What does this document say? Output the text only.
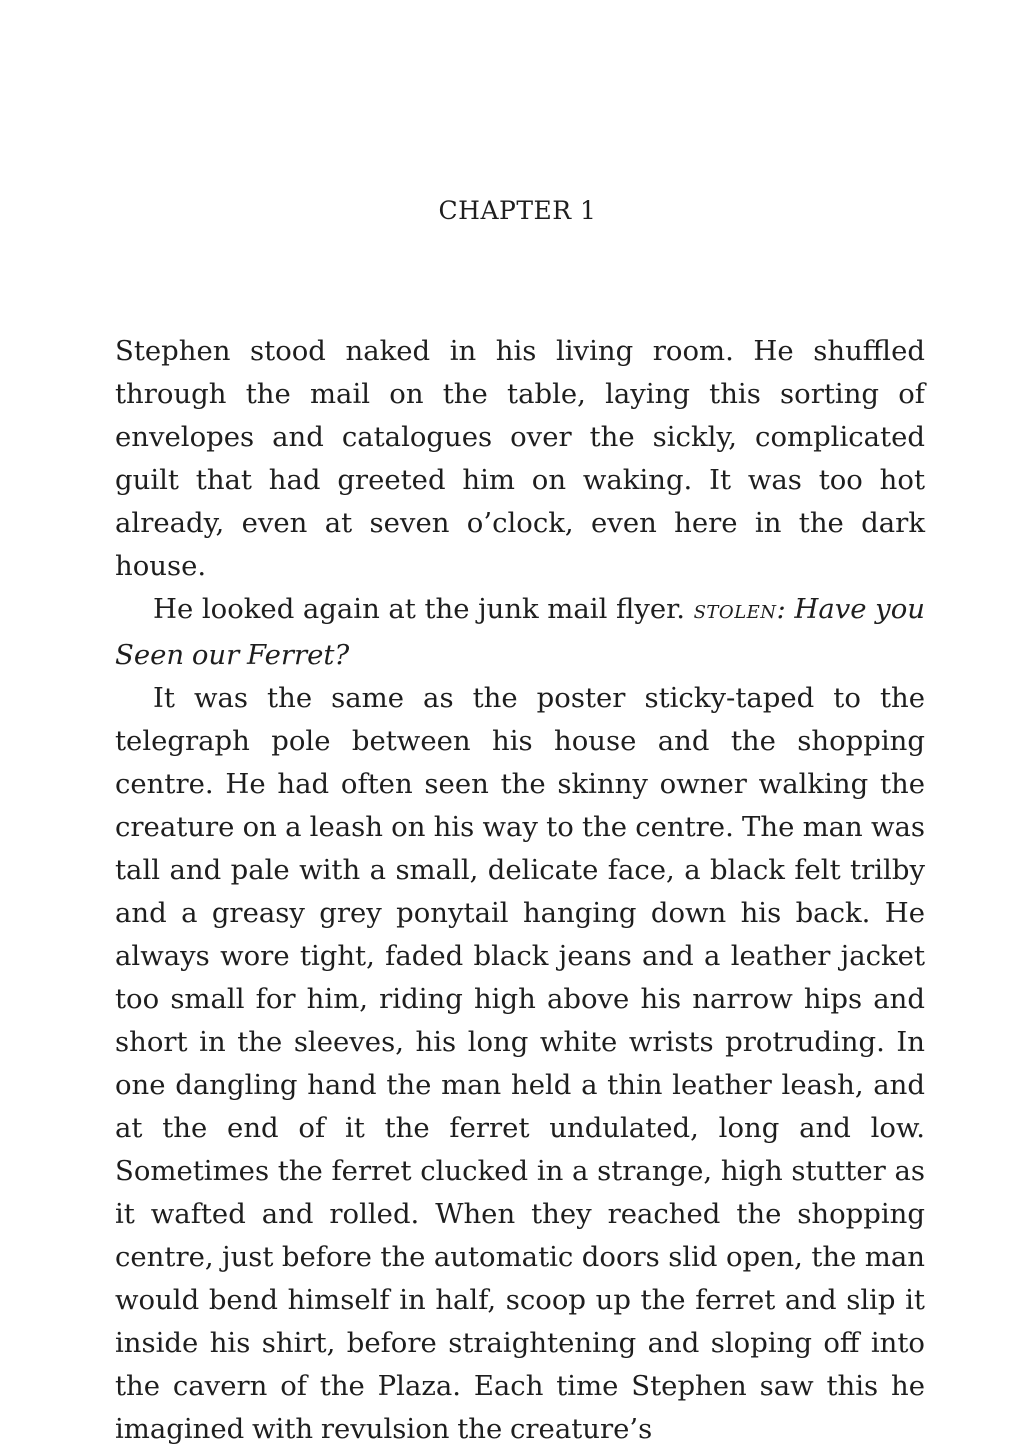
CHAPTER 1

Stephen stood naked in his living room. He shuffled through the mail on the table, laying this sorting of envelopes and catalogues over the sickly, complicated guilt that had greeted him on waking. It was too hot already, even at seven o’clock, even here in the dark house.

He looked again at the junk mail flyer. STOLEN: Have you Seen our Ferret?

It was the same as the poster sticky-taped to the telegraph pole between his house and the shopping centre. He had often seen the skinny owner walking the creature on a leash on his way to the centre. The man was tall and pale with a small, delicate face, a black felt trilby and a greasy grey ponytail hanging down his back. He always wore tight, faded black jeans and a leather jacket too small for him, riding high above his narrow hips and short in the sleeves, his long white wrists protruding. In one dangling hand the man held a thin leather leash, and at the end of it the ferret undulated, long and low. Sometimes the ferret clucked in a strange, high stutter as it wafted and rolled. When they reached the shopping centre, just before the automatic doors slid open, the man would bend himself in half, scoop up the ferret and slip it inside his shirt, before straightening and sloping off into the cavern of the Plaza. Each time Stephen saw this he imagined with revulsion the creature’s
